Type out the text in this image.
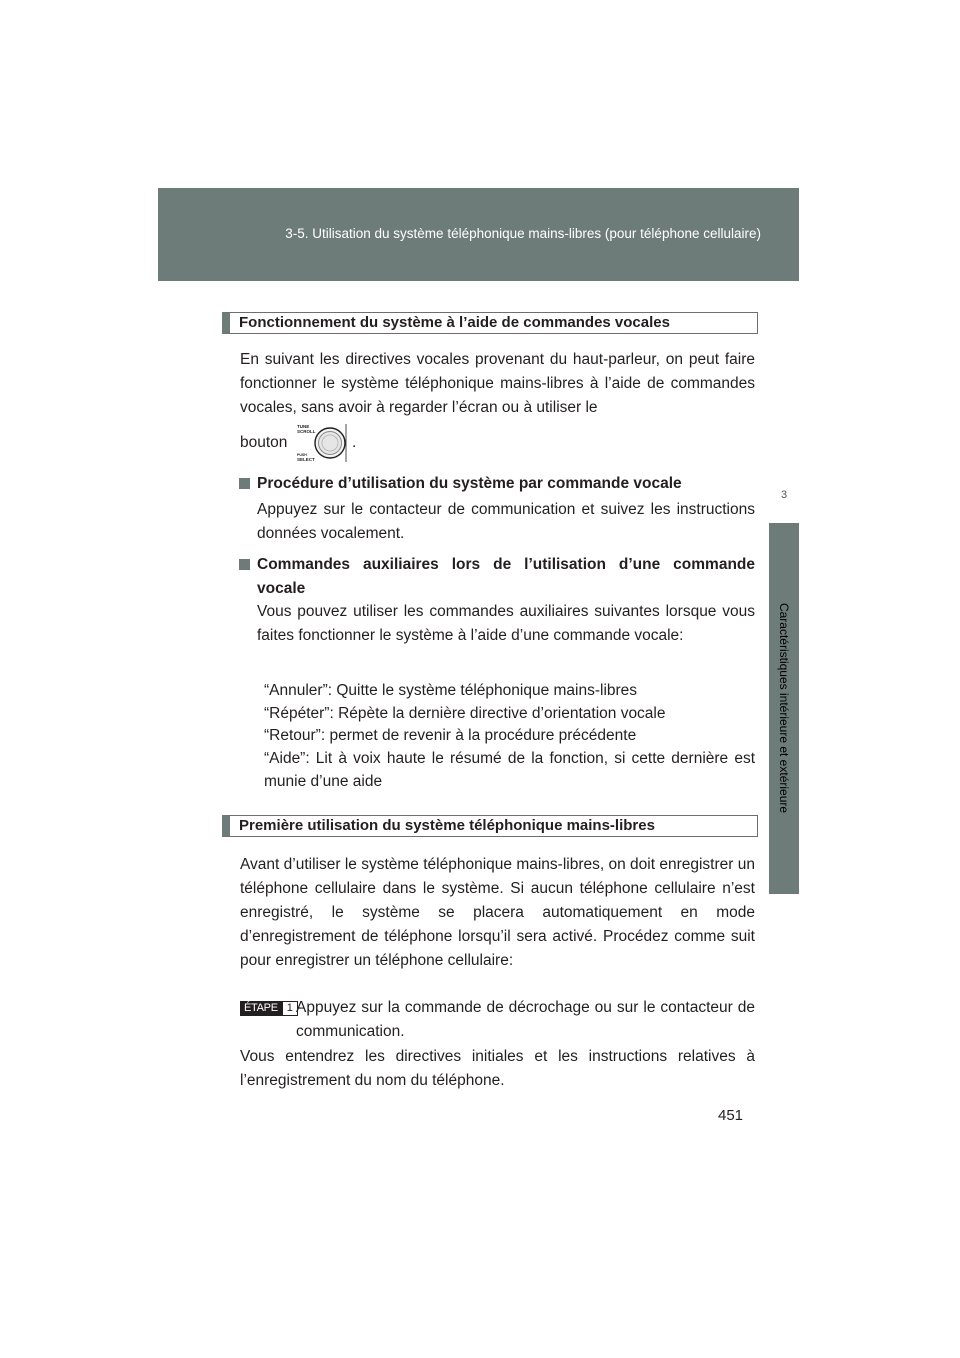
3-5. Utilisation du système téléphonique mains-libres (pour téléphone cellulaire)
3
Caractéristiques intérieure et extérieure
Fonctionnement du système à l’aide de commandes vocales

En suivant les directives vocales provenant du haut-parleur, on peut faire fonctionner le système téléphonique mains-libres à l’aide de commandes vocales, sans avoir à regarder l’écran ou à utiliser le

bouton
TUNE
SCROLL
PUSH
SELECT
.
Procédure d’utilisation du système par commande vocale

Appuyez sur le contacteur de communication et suivez les instructions données vocalement.

Commandes auxiliaires lors de l’utilisation d’une commande vocale

Vous pouvez utiliser les commandes auxiliaires suivantes lorsque vous faites fonctionner le système à l’aide d’une commande vocale:

“Annuler”: Quitte le système téléphonique mains-libres
“Répéter”: Répète la dernière directive d’orientation vocale
“Retour”: permet de revenir à la procédure précédente
“Aide”: Lit à voix haute le résumé de la fonction, si cette dernière est munie d’une aide
Première utilisation du système téléphonique mains-libres

Avant d’utiliser le système téléphonique mains-libres, on doit enregistrer un téléphone cellulaire dans le système. Si aucun téléphone cellulaire n’est enregistré, le système se placera automatiquement en mode d’enregistrement de téléphone lorsqu’il sera activé. Procédez comme suit pour enregistrer un téléphone cellulaire:

ÉTAPE 1 Appuyez sur la commande de décrochage ou sur le contacteur de communication.

Vous entendrez les directives initiales et les instructions relatives à l’enregistrement du nom du téléphone.

451
